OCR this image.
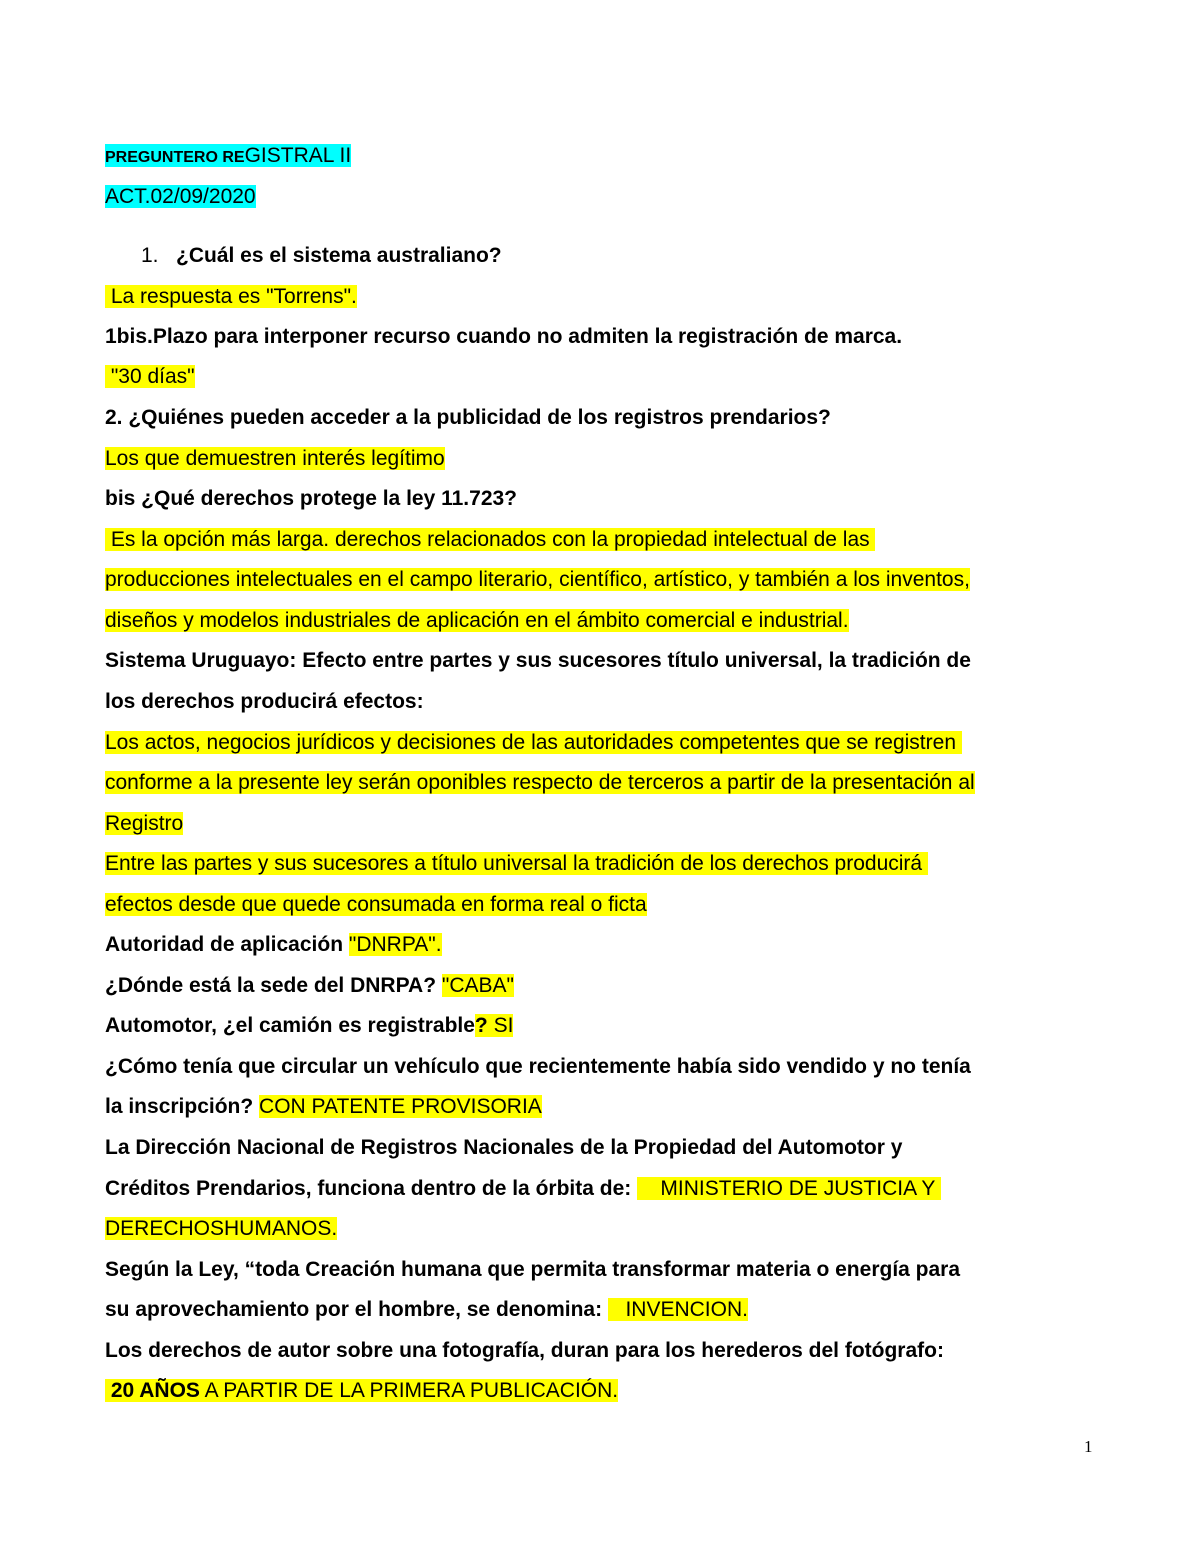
PREGUNTERO REGISTRAL II
ACT.02/09/2020
1. ¿Cuál es el sistema australiano?
La respuesta es "Torrens".
1bis.Plazo para interponer recurso cuando no admiten la registración de marca.
"30 días"
2. ¿Quiénes pueden acceder a la publicidad de los registros prendarios?
Los que demuestren interés legítimo
bis ¿Qué derechos protege la ley 11.723?
Es la opción más larga. derechos relacionados con la propiedad intelectual de las
producciones intelectuales en el campo literario, científico, artístico, y también a los inventos,
diseños y modelos industriales de aplicación en el ámbito comercial e industrial.
Sistema Uruguayo: Efecto entre partes y sus sucesores título universal, la tradición de
los derechos producirá efectos:
Los actos, negocios jurídicos y decisiones de las autoridades competentes que se registren
conforme a la presente ley serán oponibles respecto de terceros a partir de la presentación al
Registro
Entre las partes y sus sucesores a título universal la tradición de los derechos producirá
efectos desde que quede consumada en forma real o ficta
Autoridad de aplicación "DNRPA".
¿Dónde está la sede del DNRPA? "CABA"
Automotor, ¿el camión es registrable? SI
¿Cómo tenía que circular un vehículo que recientemente había sido vendido y no tenía
la inscripción? CON PATENTE PROVISORIA
La Dirección Nacional de Registros Nacionales de la Propiedad del Automotor y
Créditos Prendarios, funciona dentro de la órbita de:     MINISTERIO DE JUSTICIA Y
DERECHOSHUMANOS.
Según la Ley, “toda Creación humana que permita transformar materia o energía para
su aprovechamiento por el hombre, se denomina:    INVENCION.
Los derechos de autor sobre una fotografía, duran para los herederos del fotógrafo:
20 AÑOS A PARTIR DE LA PRIMERA PUBLICACIÓN.
1
